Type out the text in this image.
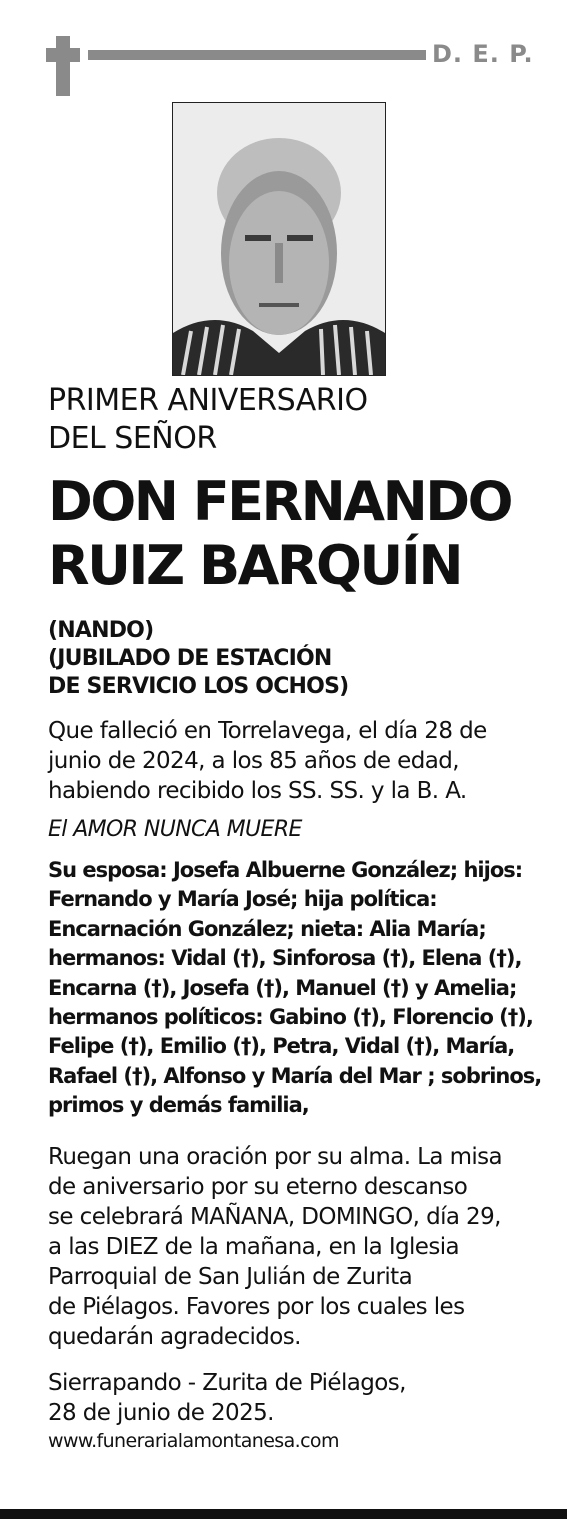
D. E. P.
PRIMER ANIVERSARIO
DEL SEÑOR
DON FERNANDO
RUIZ BARQUÍN
(NANDO)
(JUBILADO DE ESTACIÓN
DE SERVICIO LOS OCHOS)
Que falleció en Torrelavega, el día 28 de
junio de 2024, a los 85 años de edad,
habiendo recibido los SS. SS. y la B. A.
El AMOR NUNCA MUERE
Su esposa: Josefa Albuerne González; hijos:
Fernando y María José; hija política:
Encarnación González; nieta: Alia María;
hermanos: Vidal (†), Sinforosa (†), Elena (†),
Encarna (†), Josefa (†), Manuel (†) y Amelia;
hermanos políticos: Gabino (†), Florencio (†),
Felipe (†), Emilio (†), Petra, Vidal (†), María,
Rafael (†), Alfonso y María del Mar ; sobrinos,
primos y demás familia,
Ruegan una oración por su alma. La misa
de aniversario por su eterno descanso
se celebrará MAÑANA, DOMINGO, día 29,
a las DIEZ de la mañana, en la Iglesia
Parroquial de San Julián de Zurita
de Piélagos. Favores por los cuales les
quedarán agradecidos.
Sierrapando - Zurita de Piélagos,
28 de junio de 2025.
www.funerarialamontanesa.com
